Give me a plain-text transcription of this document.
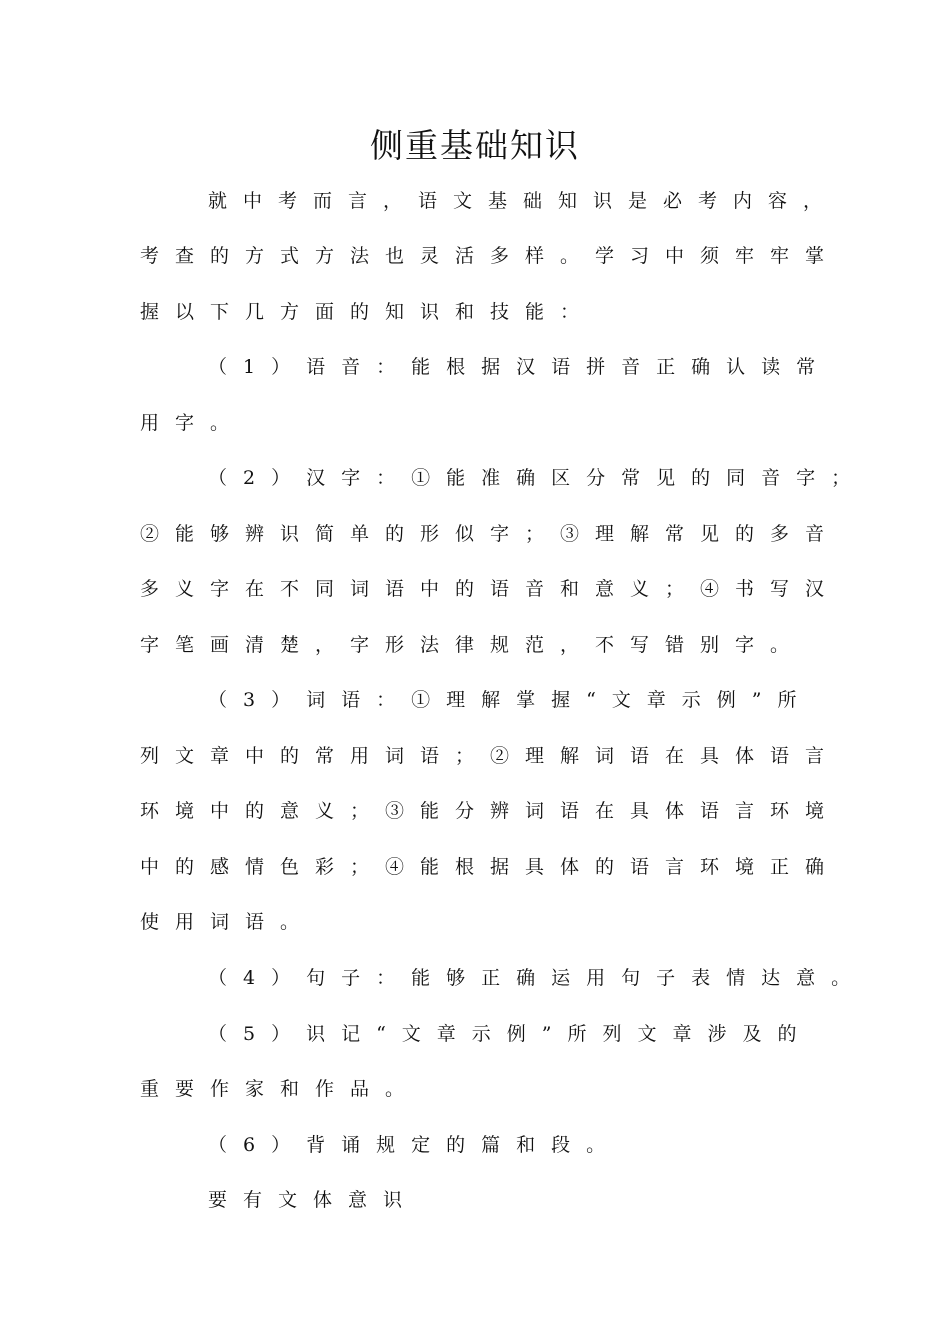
侧重基础知识

就中考而言，语文基础知识是必考内容，

考查的方式方法也灵活多样。学习中须牢牢掌

握以下几方面的知识和技能：

（1）语音：能根据汉语拼音正确认读常

用字。

（2）汉字：①能准确区分常见的同音字；

②能够辨识简单的形似字；③理解常见的多音

多义字在不同词语中的语音和意义；④书写汉

字笔画清楚，字形法律规范，不写错别字。

（3）词语：①理解掌握“文章示例”所

列文章中的常用词语；②理解词语在具体语言

环境中的意义；③能分辨词语在具体语言环境

中的感情色彩；④能根据具体的语言环境正确

使用词语。

（4）句子：能够正确运用句子表情达意。

（5）识记“文章示例”所列文章涉及的

重要作家和作品。

（6）背诵规定的篇和段。

要有文体意识
